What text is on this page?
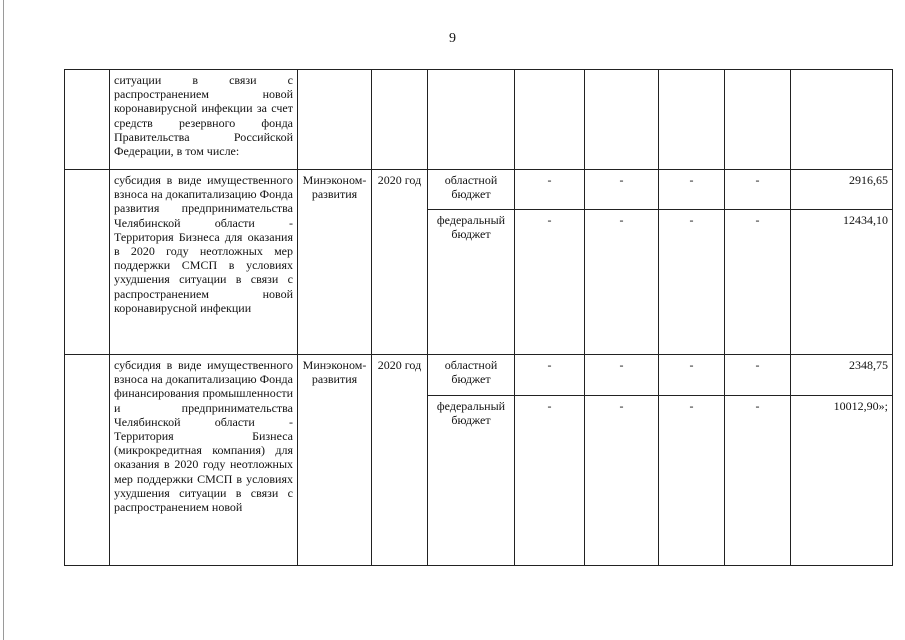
9
	ситуации в связи с распространением новой коронавирусной инфекции за счет средств резервного фонда Правительства Российской Федерации, в том числе:								
	субсидия в виде имущественного взноса на докапитализацию Фонда развития предпринимательства Челябинской области - Территория Бизнеса для оказания в 2020 году неотложных мер поддержки СМСП в условиях ухудшения ситуации в связи с распространением новой коронавирусной инфекции	Минэконом-развития	2020 год	областной бюджет	-	-	-	-	2916,65
				федеральный бюджет	-	-	-	-	12434,10
	субсидия в виде имущественного взноса на докапитализацию Фонда финансирования промышленности и предпринимательства Челябинской области - Территория Бизнеса (микрокредитная компания) для оказания в 2020 году неотложных мер поддержки СМСП в условиях ухудшения ситуации в связи с распространением новой	Минэконом-развития	2020 год	областной бюджет	-	-	-	-	2348,75
				федеральный бюджет	-	-	-	-	10012,90»;
